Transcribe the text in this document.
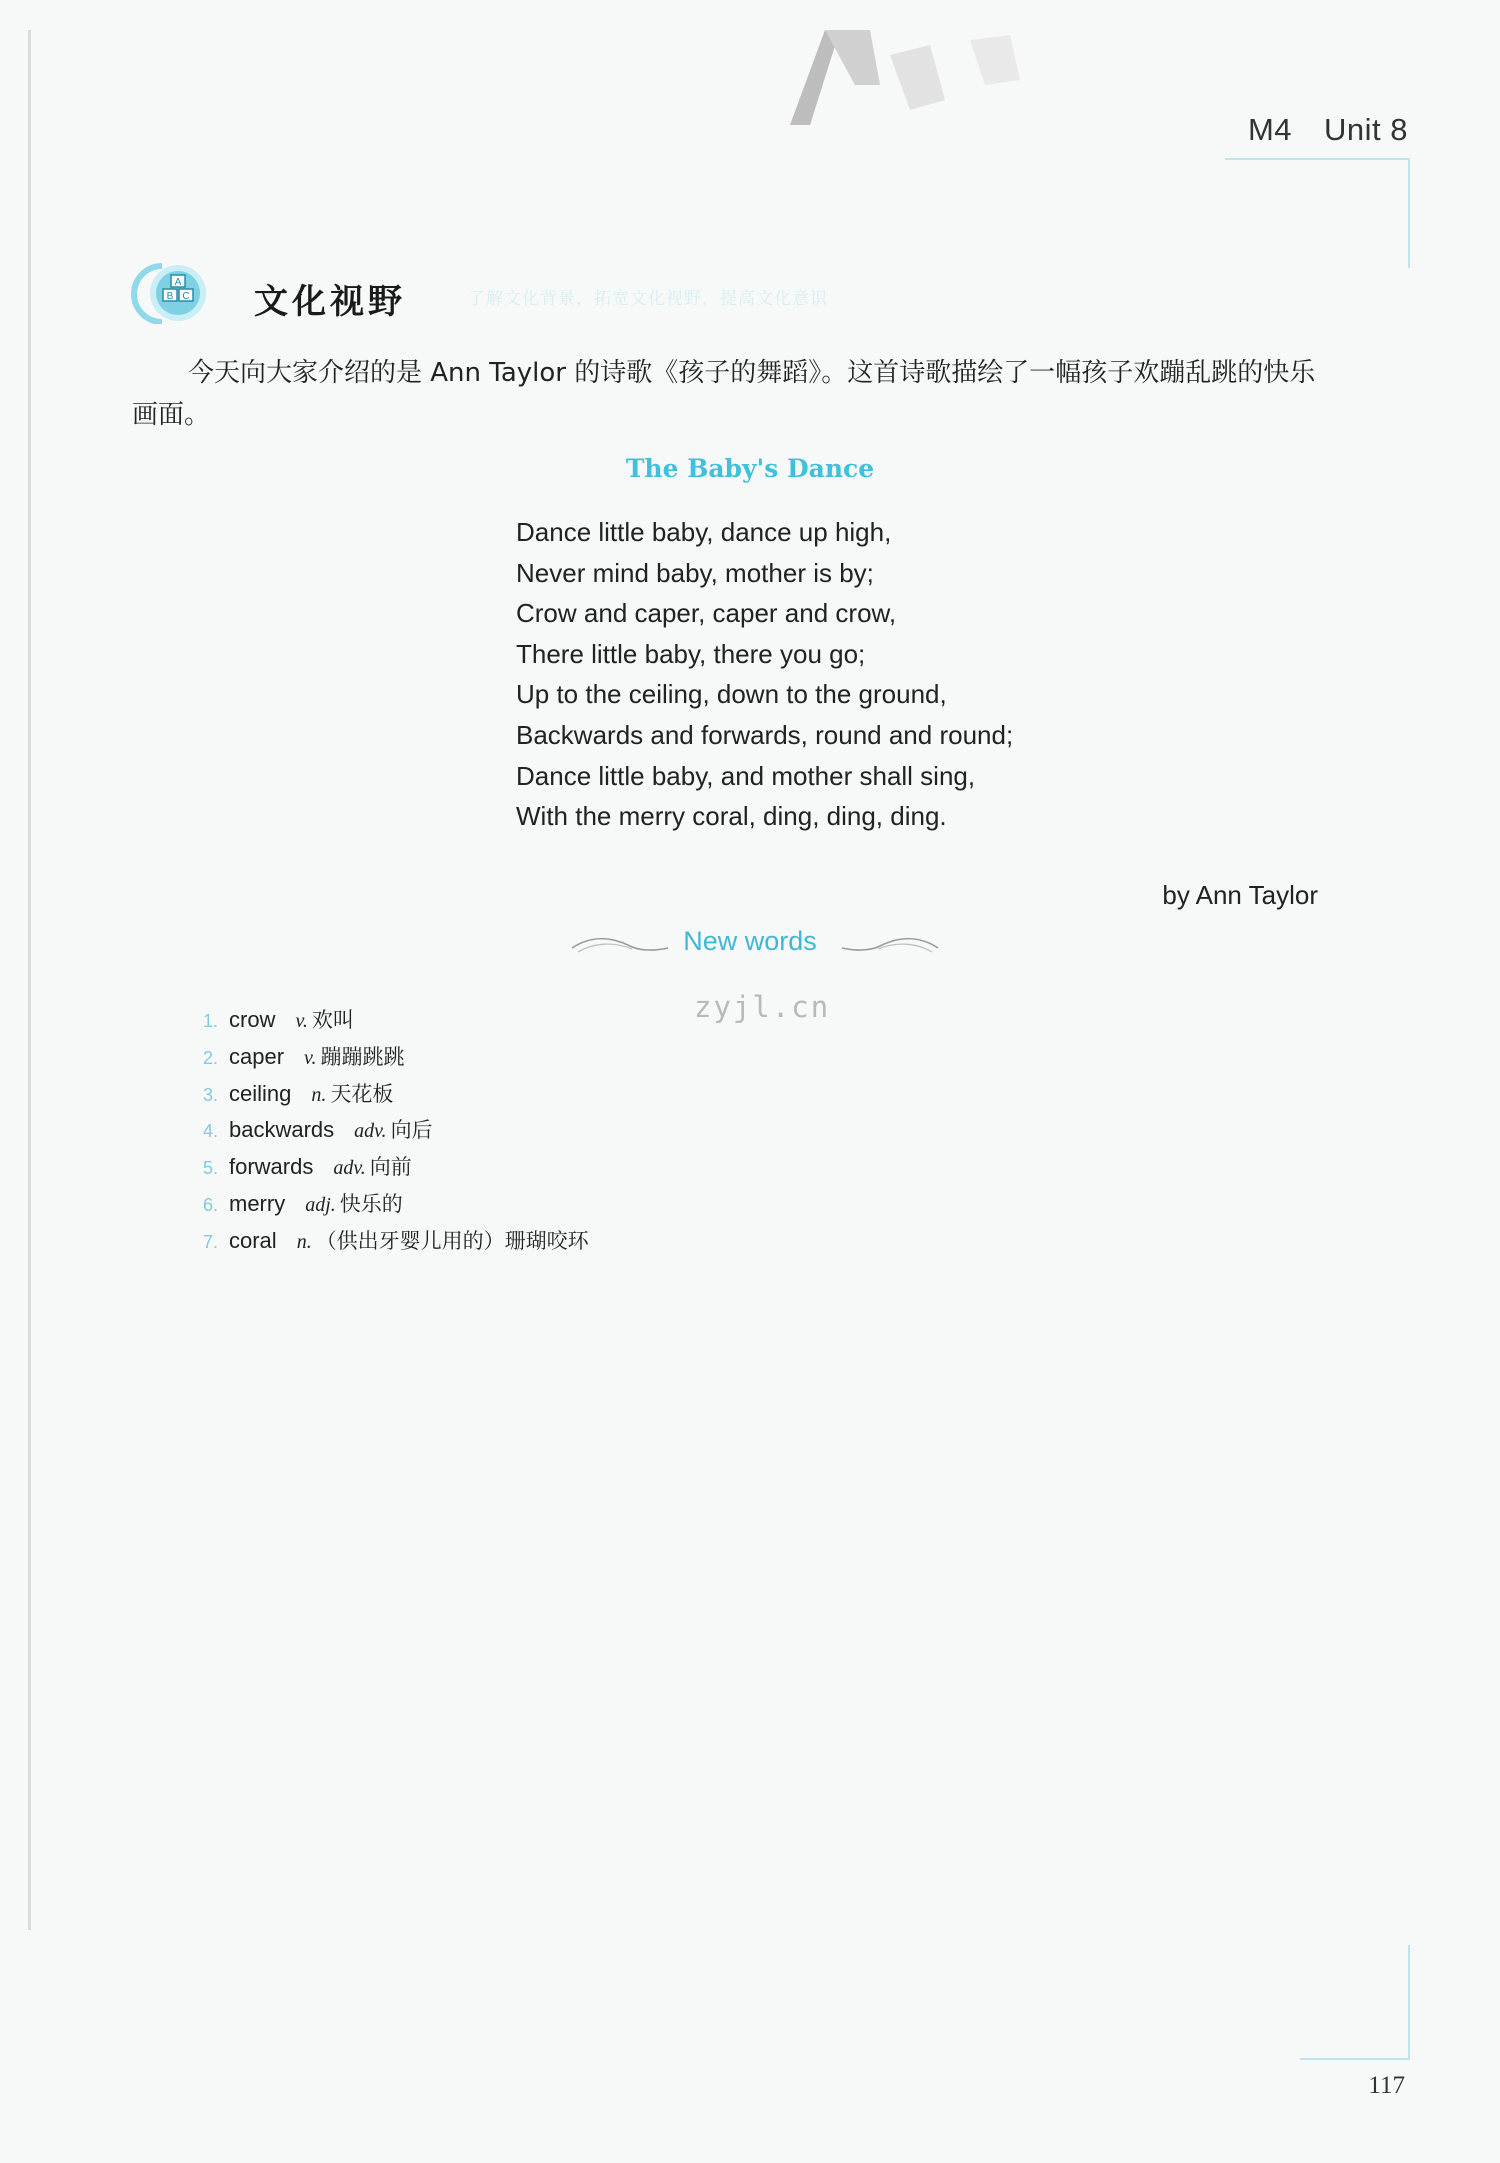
M4 Unit 8
A
B C 文化视野	了解文化背景，拓宽文化视野，提高文化意识
今天向大家介绍的是 Ann Taylor 的诗歌《孩子的舞蹈》。这首诗歌描绘了一幅孩子欢蹦乱跳的快乐
画面。
The Baby's Dance
Dance little baby, dance up high,
Never mind baby, mother is by;
Crow and caper, caper and crow,
There little baby, there you go;
Up to the ceiling, down to the ground,
Backwards and forwards, round and round;
Dance little baby, and mother shall sing,
With the merry coral, ding, ding, ding.
by Ann Taylor
New words
zyjl.cn
1. crow v. 欢叫
2. caper v. 蹦蹦跳跳
3. ceiling n. 天花板
4. backwards adv. 向后
5. forwards adv. 向前
6. merry adj. 快乐的
7. coral n. （供出牙婴儿用的）珊瑚咬环
117
